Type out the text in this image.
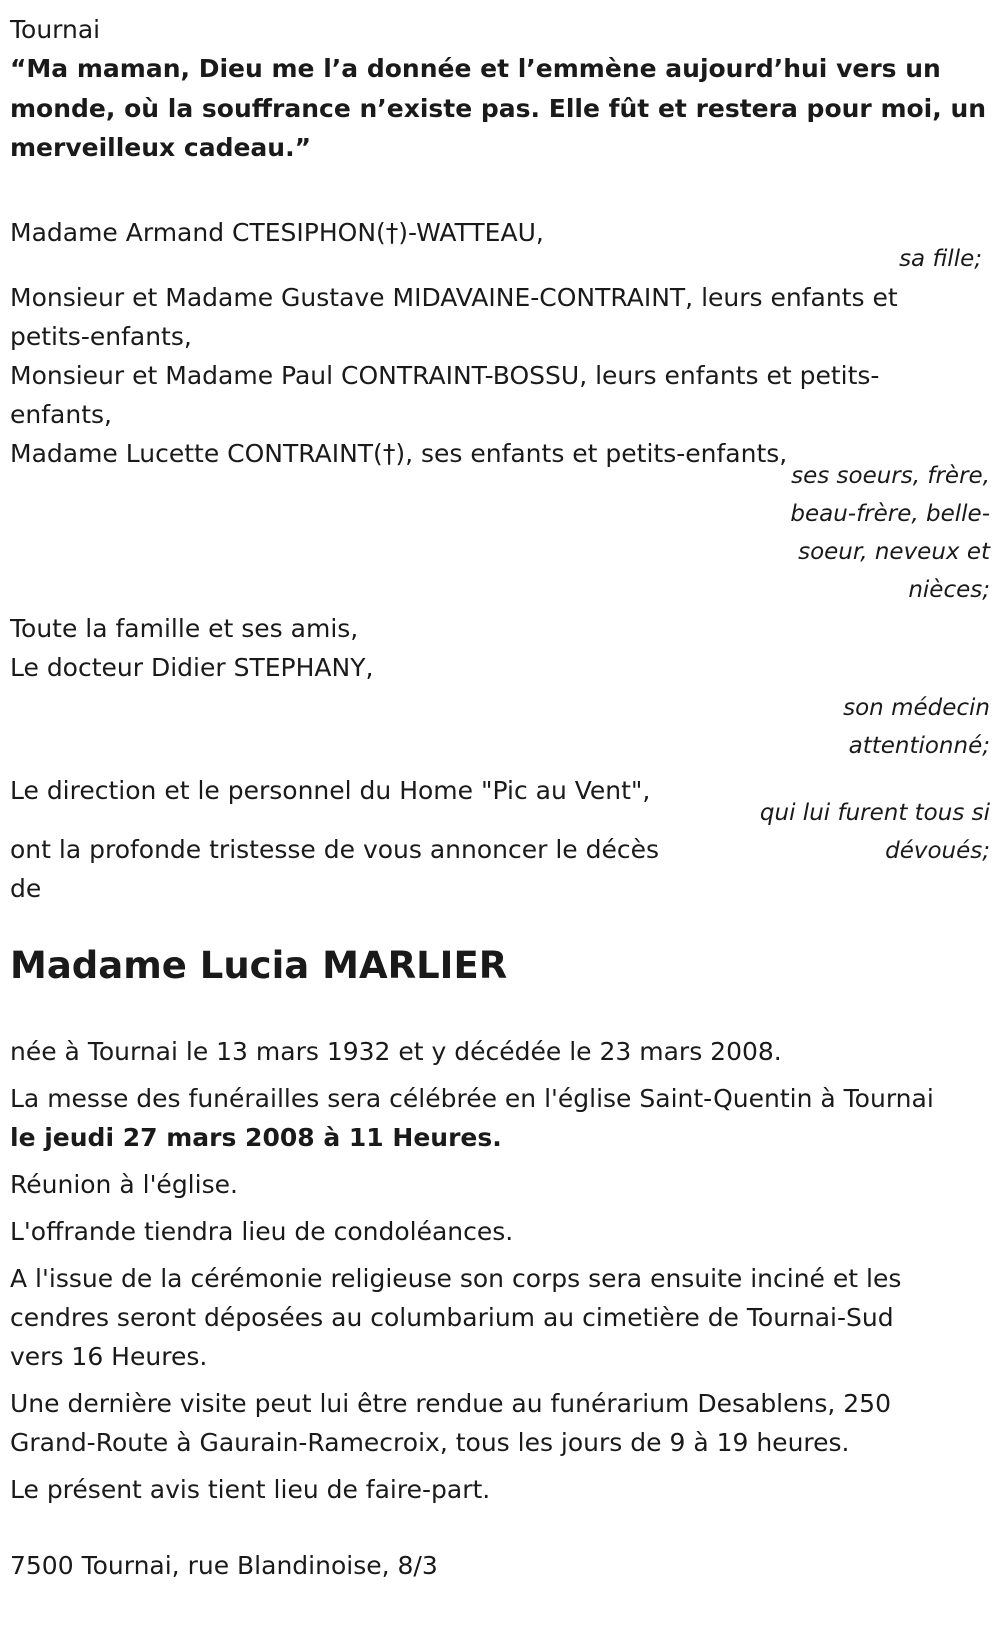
Tournai

“Ma maman, Dieu me l’a donnée et l’emmène aujourd’hui vers un

monde, où la souffrance n’existe pas. Elle fût et restera pour moi, un

merveilleux cadeau.”

Madame Armand CTESIPHON(†)-WATTEAU,

sa fille;

Monsieur et Madame Gustave MIDAVAINE-CONTRAINT, leurs enfants et

petits-enfants,

Monsieur et Madame Paul CONTRAINT-BOSSU, leurs enfants et petits-

enfants,

Madame Lucette CONTRAINT(†), ses enfants et petits-enfants,

ses soeurs, frère,

beau-frère, belle-

soeur, neveux et

nièces;

Toute la famille et ses amis,

Le docteur Didier STEPHANY,

son médecin

attentionné;

Le direction et le personnel du Home "Pic au Vent",

ont la profonde tristesse de vous annoncer le décès

de

qui lui furent tous si

dévoués;

Madame Lucia MARLIER

née à Tournai le 13 mars 1932 et y décédée le 23 mars 2008.

La messe des funérailles sera célébrée en l'église Saint-Quentin à Tournai

le jeudi 27 mars 2008 à 11 Heures.

Réunion à l'église.

L'offrande tiendra lieu de condoléances.

A l'issue de la cérémonie religieuse son corps sera ensuite inciné et les

cendres seront déposées au columbarium au cimetière de Tournai-Sud

vers 16 Heures.

Une dernière visite peut lui être rendue au funérarium Desablens, 250

Grand-Route à Gaurain-Ramecroix, tous les jours de 9 à 19 heures.

Le présent avis tient lieu de faire-part.

7500 Tournai, rue Blandinoise, 8/3
